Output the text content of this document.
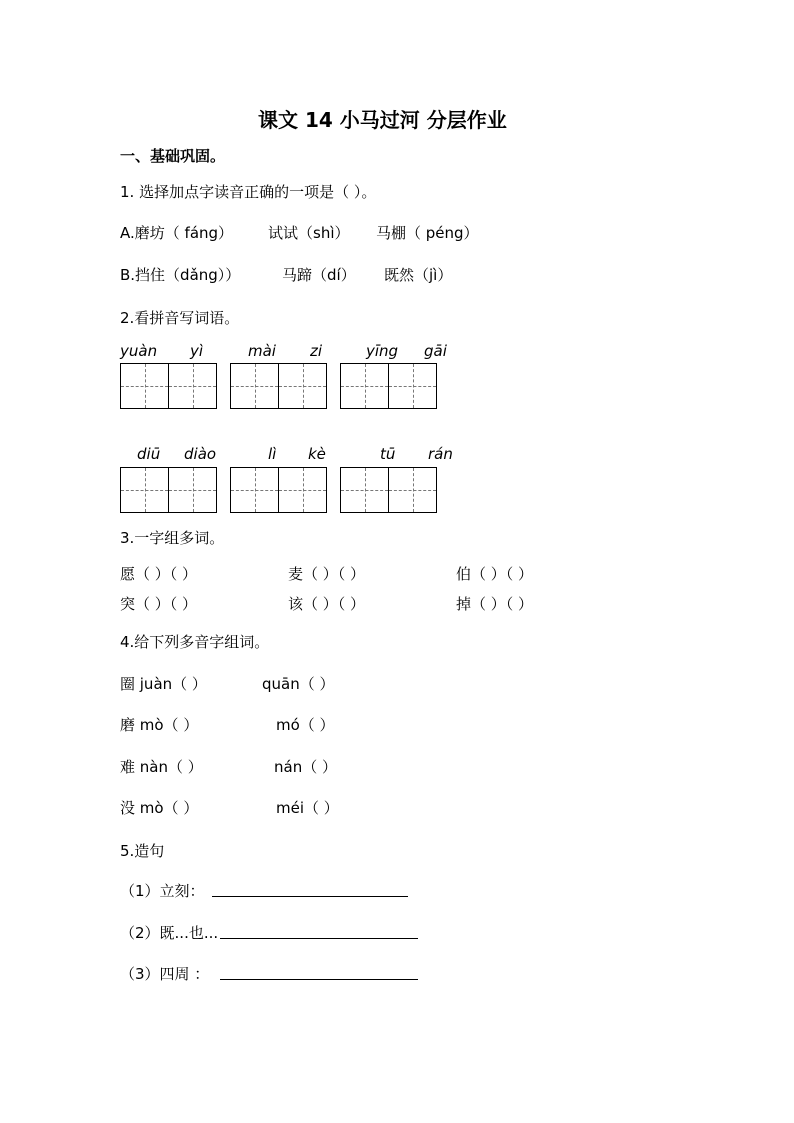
课文 14 小马过河 分层作业
一、基础巩固。
1. 选择加点字读音正确的一项是（ ）。
A.磨坊（ fáng） 试试（shì） 马棚（ péng）
B.挡住（dǎng））	马蹄（dí） 既然（jì）
2.看拼音写词语。
yuàn yì	mài zi	yīng gāi
diū diào	lì kè	tū rán
3.一字组多词。
愿（ ）（ ）	麦（ ）（ ）	伯（ ）（ ）
突（ ）（ ）	该（ ）（ ）	掉（ ）（ ）
4.给下列多音字组词。
圈 juàn（ ）	quān（ ）
磨 mò（ ）	mó（ ）
难 nàn（ ）	nán（ ）
没 mò（ ）	méi（ ）
5.造句
（1）立刻：
（2）既...也...
（3）四周 ：
